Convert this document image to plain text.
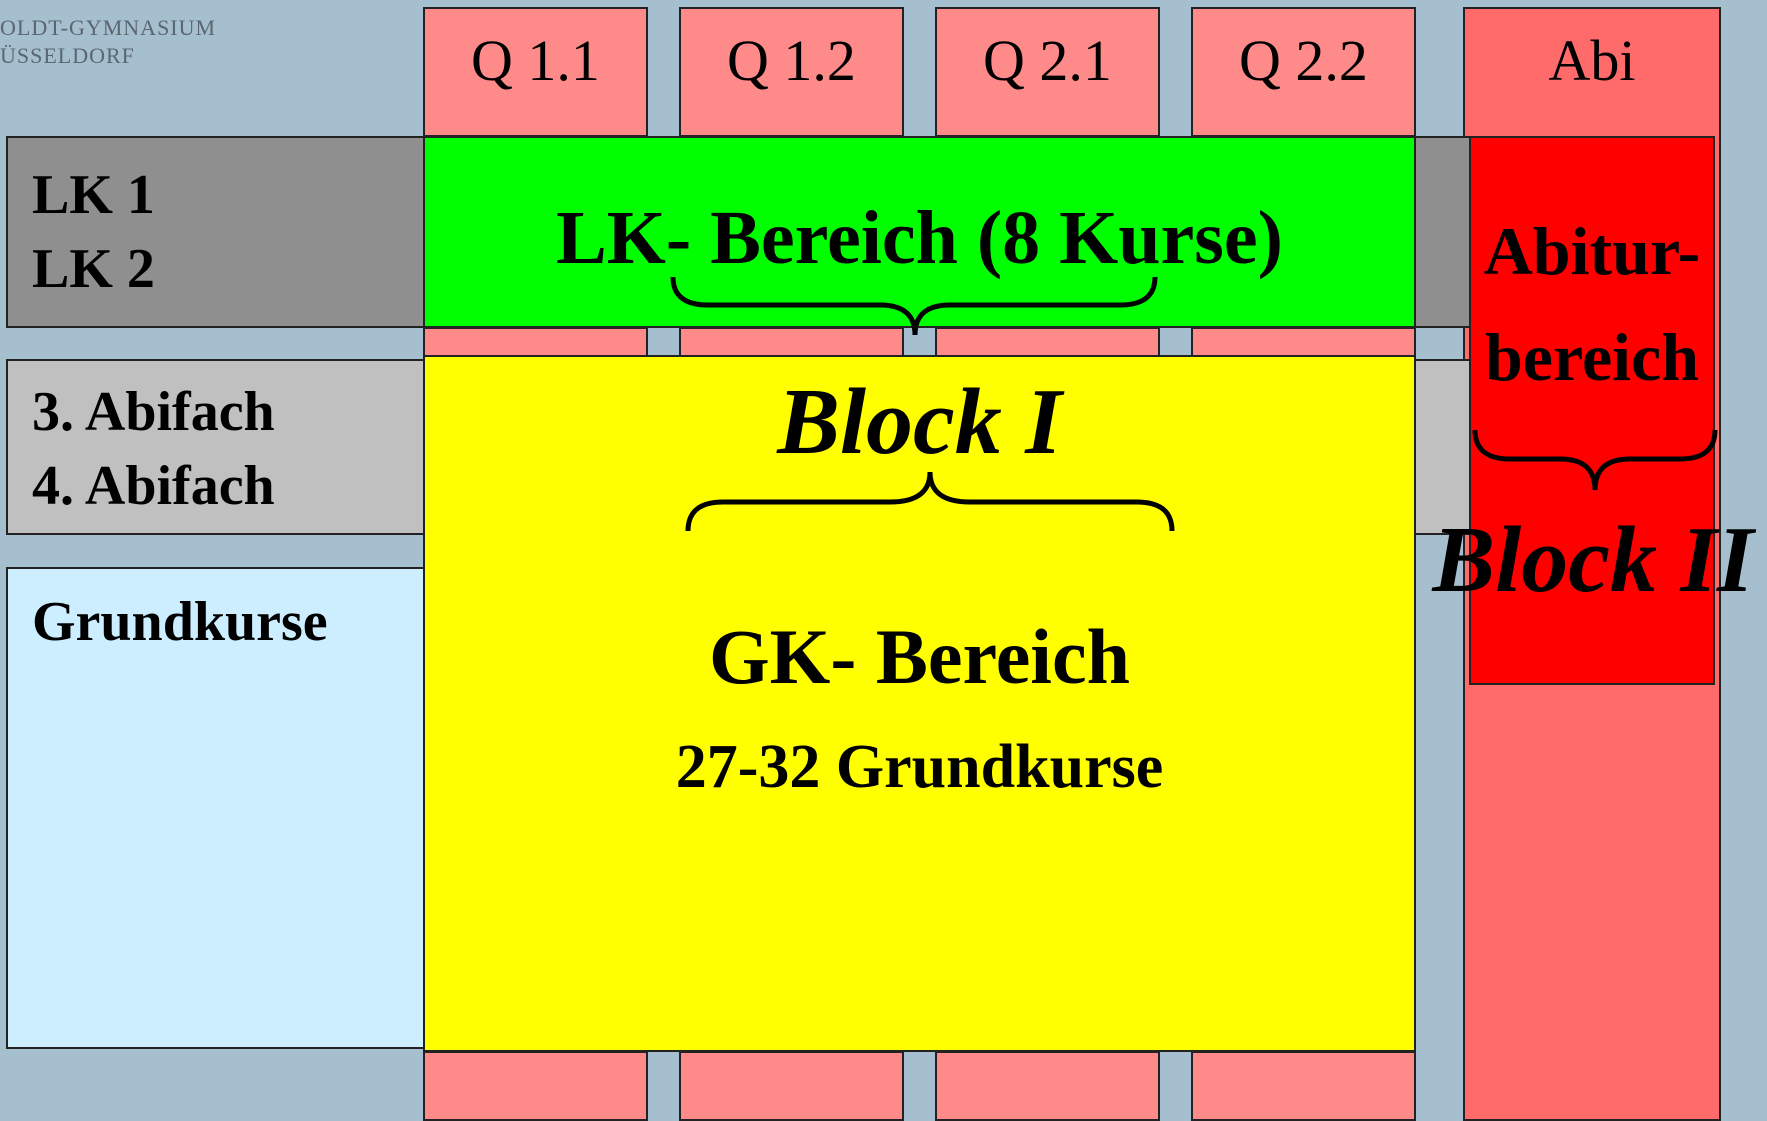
OLDT-GYMNASIUM
ÜSSELDORF	Q 1.1	Q 1.2	Q 2.1	Q 2.2	Abi
LK 1
LK 2
3. Abifach
4. Abifach
Grundkurse
LK- Bereich (8 Kurse)
Block I
GK- Bereich
27-32 Grundkurse
Abitur-
bereich
Block II
